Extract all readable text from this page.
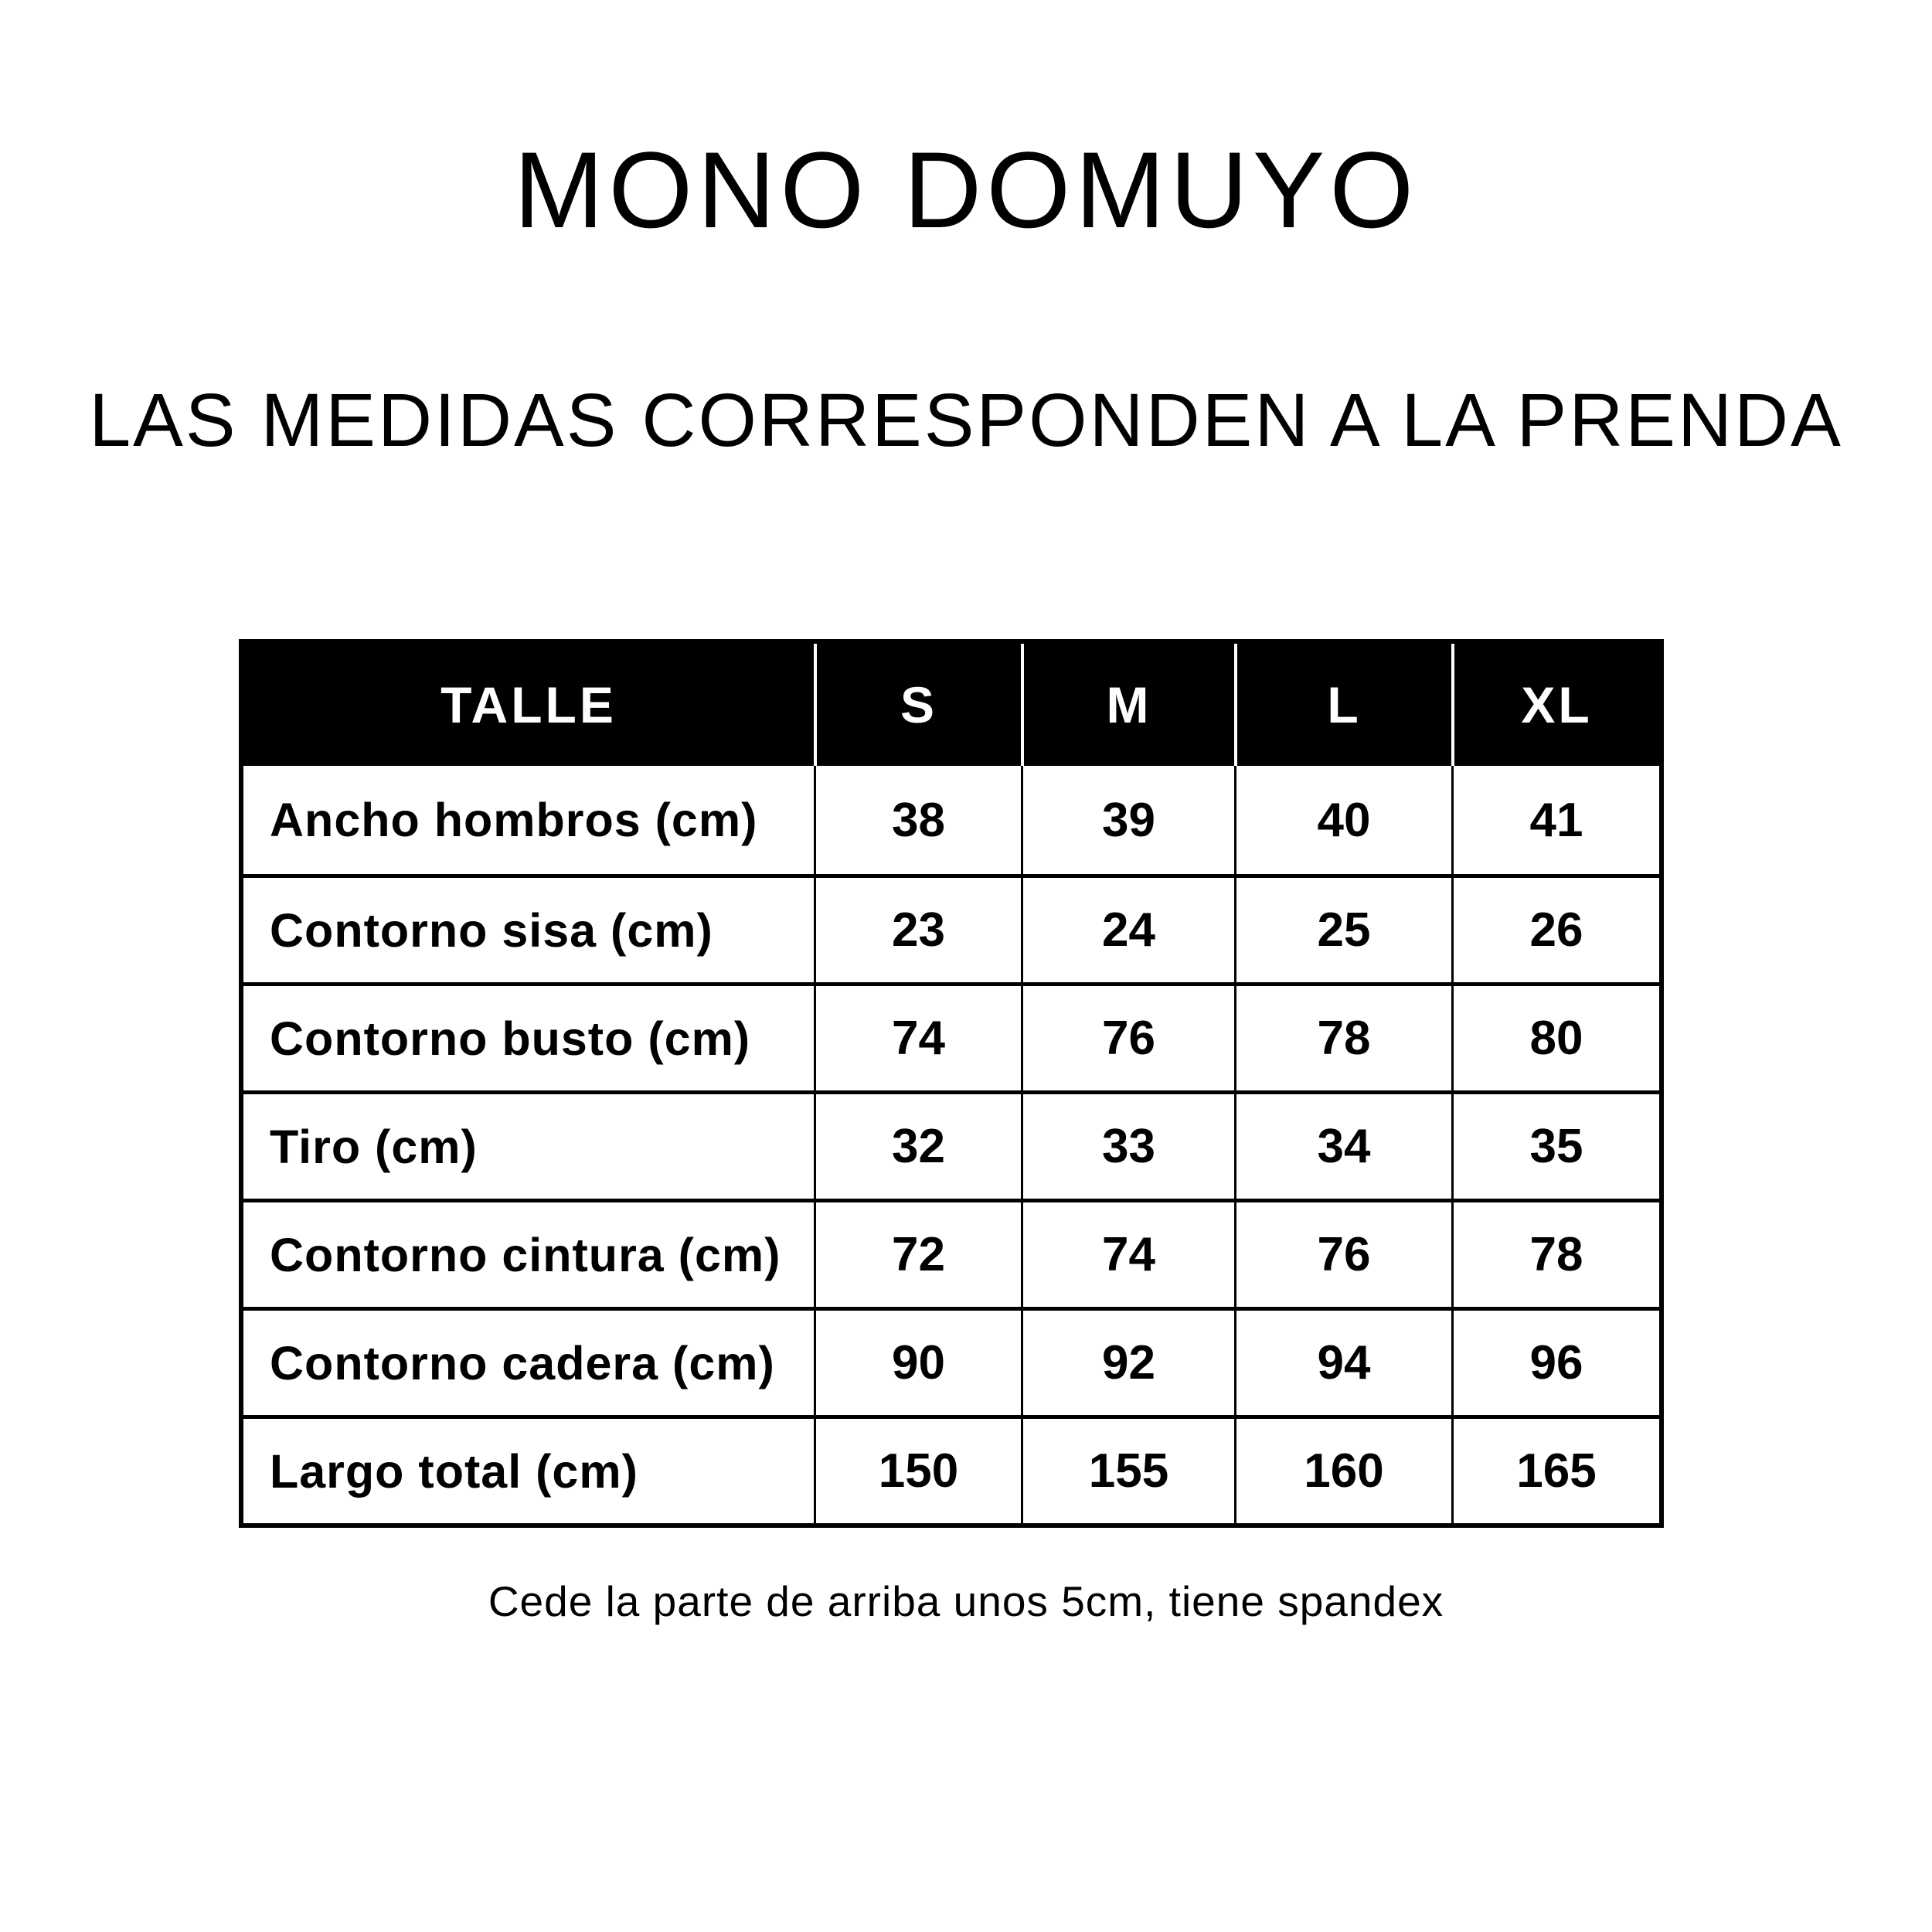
MONO DOMUYO
LAS MEDIDAS CORRESPONDEN A LA PRENDA
TALLE	S	M	L	XL
Ancho hombros (cm)	38	39	40	41
Contorno sisa (cm)	23	24	25	26
Contorno busto (cm)	74	76	78	80
Tiro (cm)	32	33	34	35
Contorno cintura (cm)	72	74	76	78
Contorno cadera (cm)	90	92	94	96
Largo total (cm)	150	155	160	165
Cede la parte de arriba unos 5cm, tiene spandex
